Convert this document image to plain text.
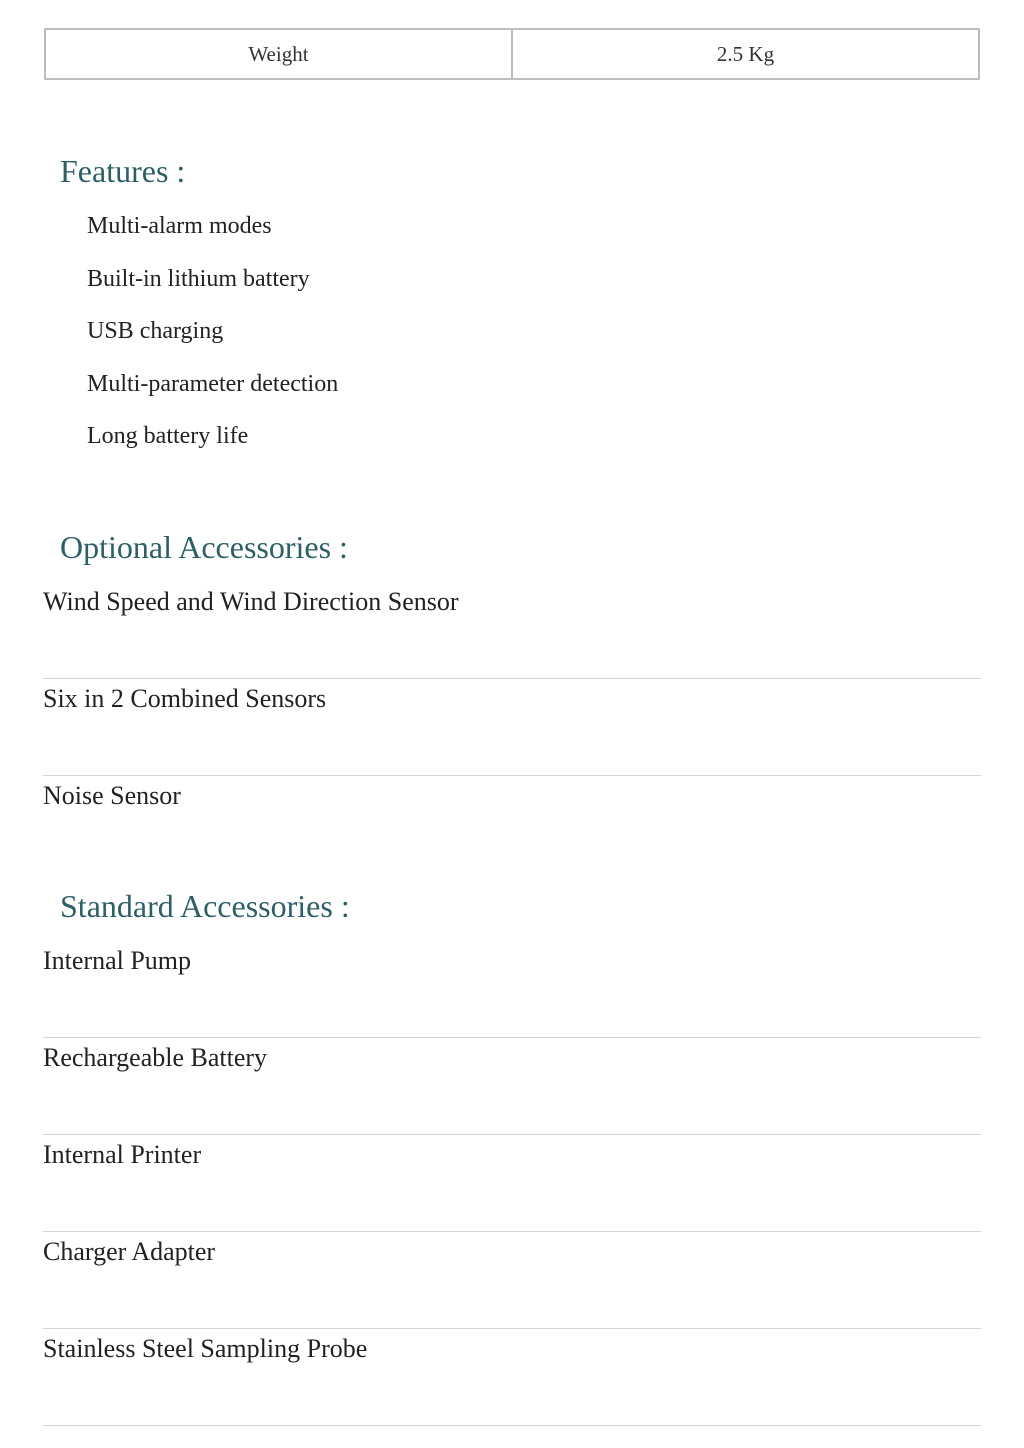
Weight	2.5 Kg
Features :
Multi-alarm modes
Built-in lithium battery
USB charging
Multi-parameter detection
Long battery life
Optional Accessories :
Wind Speed and Wind Direction Sensor
Six in 2 Combined Sensors
Noise Sensor
Standard Accessories :
Internal Pump
Rechargeable Battery
Internal Printer
Charger Adapter
Stainless Steel Sampling Probe
